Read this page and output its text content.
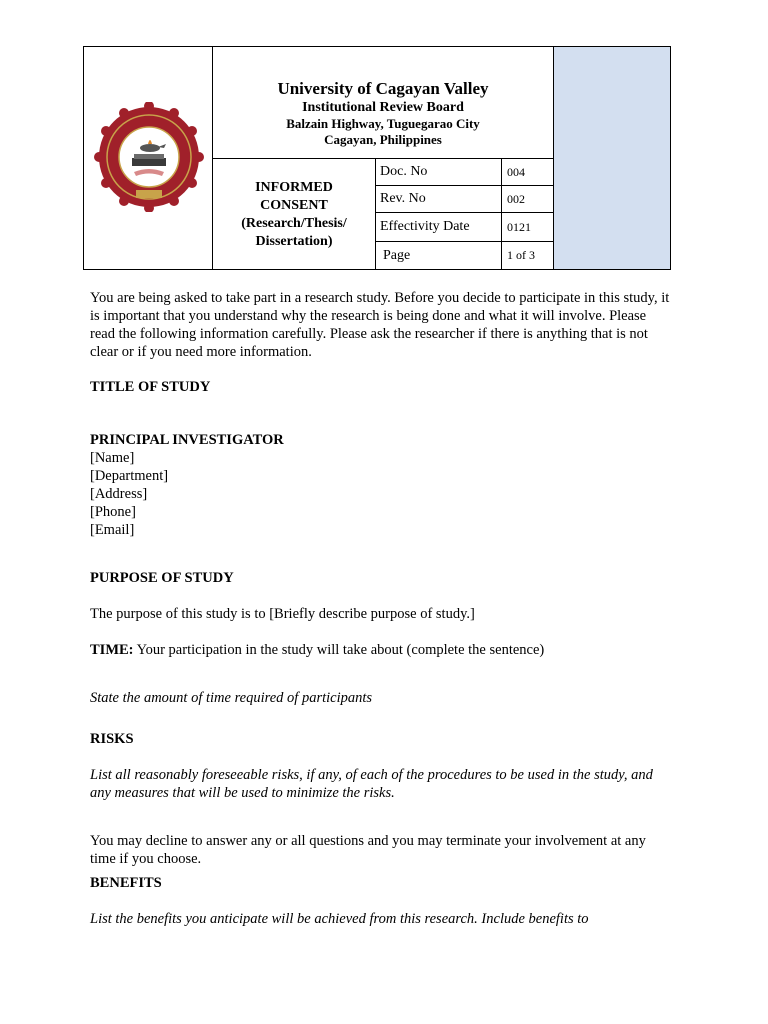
University of Cagayan Valley
Institutional Review Board
Balzain Highway, Tuguegarao City
Cagayan, Philippines
INFORMED
CONSENT
(Research/Thesis/
Dissertation)
Doc. No	004
Rev. No	002
Effectivity Date	0121
Page	1 of 3

You are being asked to take part in a research study. Before you decide to participate in this study, it is important that you understand why the research is being done and what it will involve. Please read the following information carefully. Please ask the researcher if there is anything that is not clear or if you need more information.

TITLE OF STUDY

PRINCIPAL INVESTIGATOR

[Name]

[Department]

[Address]

[Phone]

[Email]

PURPOSE OF STUDY

The purpose of this study is to [Briefly describe purpose of study.]

TIME: Your participation in the study will take about (complete the sentence)

State the amount of time required of participants

RISKS

List all reasonably foreseeable risks, if any, of each of the procedures to be used in the study, and any measures that will be used to minimize the risks.

You may decline to answer any or all questions and you may terminate your involvement at any time if you choose.

BENEFITS

List the benefits you anticipate will be achieved from this research. Include benefits to
